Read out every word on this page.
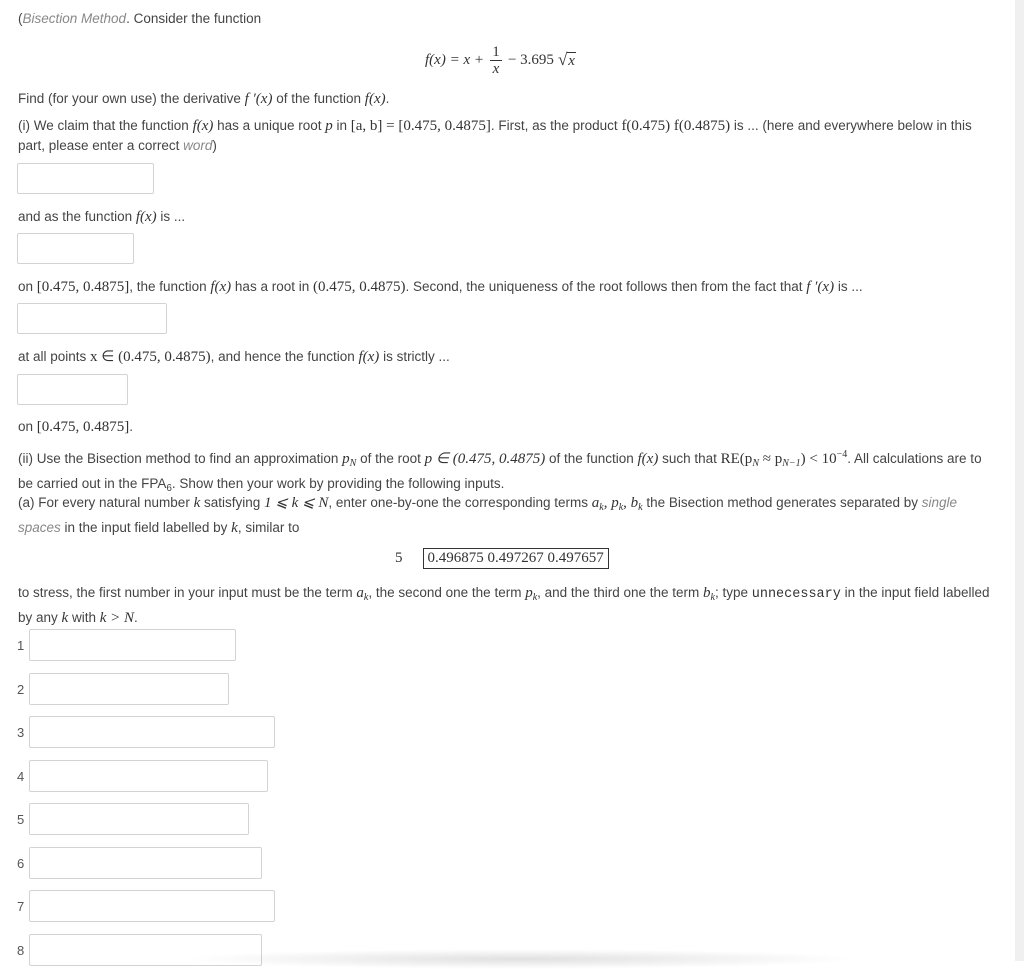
(Bisection Method. Consider the function
$f(x) = x + \frac{1}{x} - 3.695$ √ x
Find (for your own use) the derivative f ′(x) of the function f(x).
(i) We claim that the function f(x) has a unique root p in [a, b] = [0.475, 0.4875]. First, as the product f(0.475) f(0.4875) is ... (here and everywhere below in this part, please enter a correct word)
and as the function f(x) is ...
on [0.475, 0.4875], the function f(x) has a root in (0.475, 0.4875). Second, the uniqueness of the root follows then from the fact that f ′(x) is ...
at all points x ∈ (0.475, 0.4875), and hence the function f(x) is strictly ...
on [0.475, 0.4875].
(ii) Use the Bisection method to find an approximation $p_N$ of the root p ∈ (0.475, 0.4875) of the function f(x) such that $RE(p_N \approx p_{N-1}) < 10^{-4}$. All calculations are to be carried out in the $FPA_6$. Show then your work by providing the following inputs.
(a) For every natural number k satisfying 1 ⩽ k ⩽ N, enter one-by-one the corresponding terms $a_k$, $p_k$, $b_k$ the Bisection method generates separated by single spaces in the input field labelled by k, similar to
5	0.496875 0.497267 0.497657
to stress, the first number in your input must be the term $a_k$, the second one the term $p_k$, and the third one the term $b_k$; type unnecessary in the input field labelled by any k with k > N.
1
2
3
4
5
6
7
8
